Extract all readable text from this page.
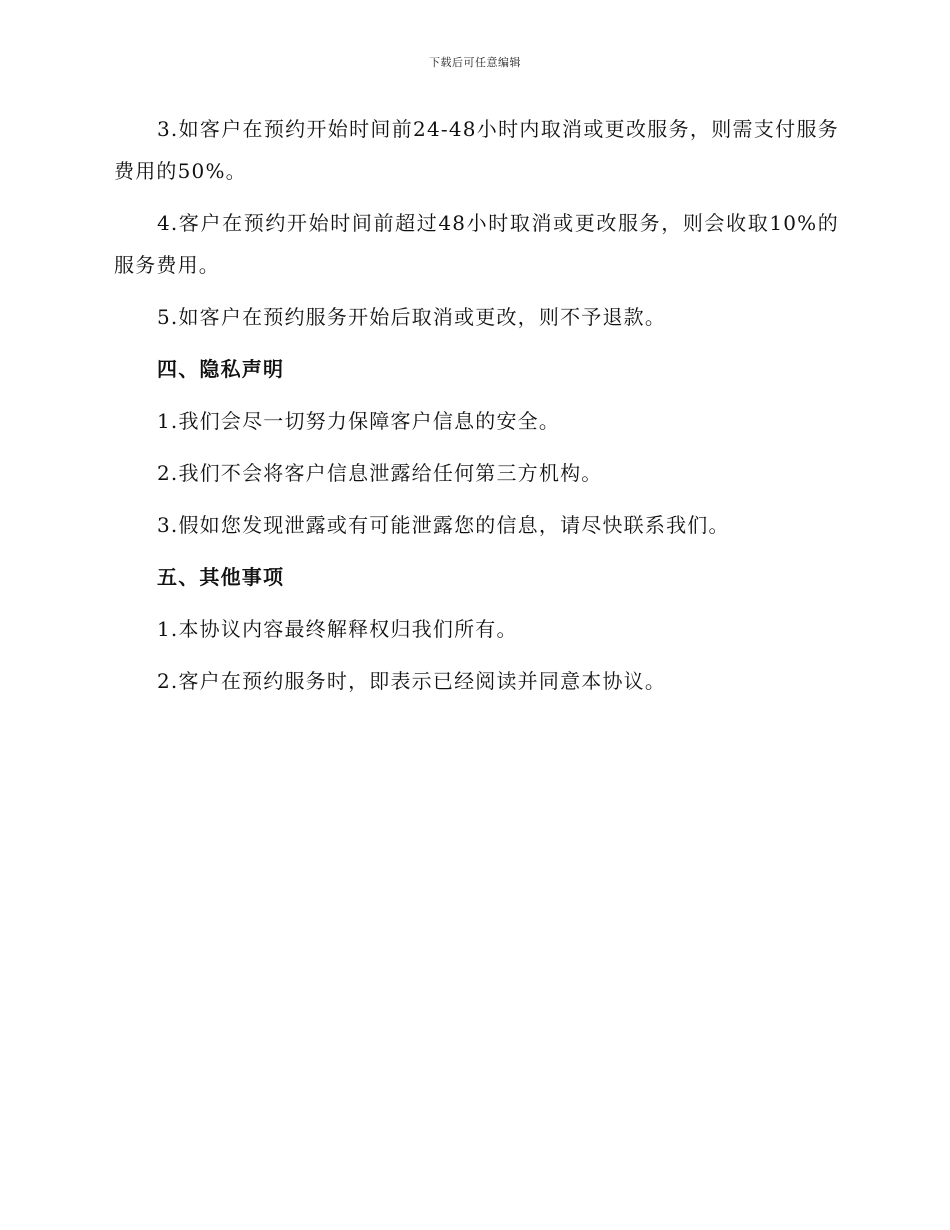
下载后可任意编辑

3.如客户在预约开始时间前24-48小时内取消或更改服务，则需支付服务费用的50%。

4.客户在预约开始时间前超过48小时取消或更改服务，则会收取10%的服务费用。

5.如客户在预约服务开始后取消或更改，则不予退款。

四、隐私声明

1.我们会尽一切努力保障客户信息的安全。

2.我们不会将客户信息泄露给任何第三方机构。

3.假如您发现泄露或有可能泄露您的信息，请尽快联系我们。

五、其他事项

1.本协议内容最终解释权归我们所有。

2.客户在预约服务时，即表示已经阅读并同意本协议。
